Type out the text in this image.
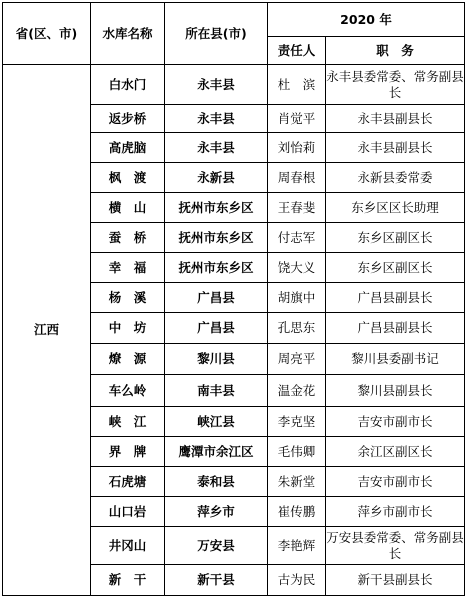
省(区、市)	水库名称	所在县(市)	2020 年	
			责任人	职　务
江西	白水门	永丰县	杜　滨	永丰县委常委、常务副县长
	返步桥	永丰县	肖觉平	永丰县副县长
	高虎脑	永丰县	刘怡莉	永丰县副县长
	枫　渡	永新县	周春根	永新县委常委
	横　山	抚州市东乡区	王春斐	东乡区区长助理
	蚕　桥	抚州市东乡区	付志军	东乡区副区长
	幸　福	抚州市东乡区	饶大义	东乡区副区长
	杨　溪	广昌县	胡旗中	广昌县副县长
	中　坊	广昌县	孔思东	广昌县副县长
	燎　源	黎川县	周亮平	黎川县委副书记
	车么岭	南丰县	温金花	黎川县副县长
	峡　江	峡江县	李克坚	吉安市副市长
	界　牌	鹰潭市余江区	毛伟卿	余江区副区长
	石虎塘	泰和县	朱新堂	吉安市副市长
	山口岩	萍乡市	崔传鹏	萍乡市副市长
	井冈山	万安县	李艳辉	万安县委常委、常务副县长
	新　干	新干县	古为民	新干县副县长
